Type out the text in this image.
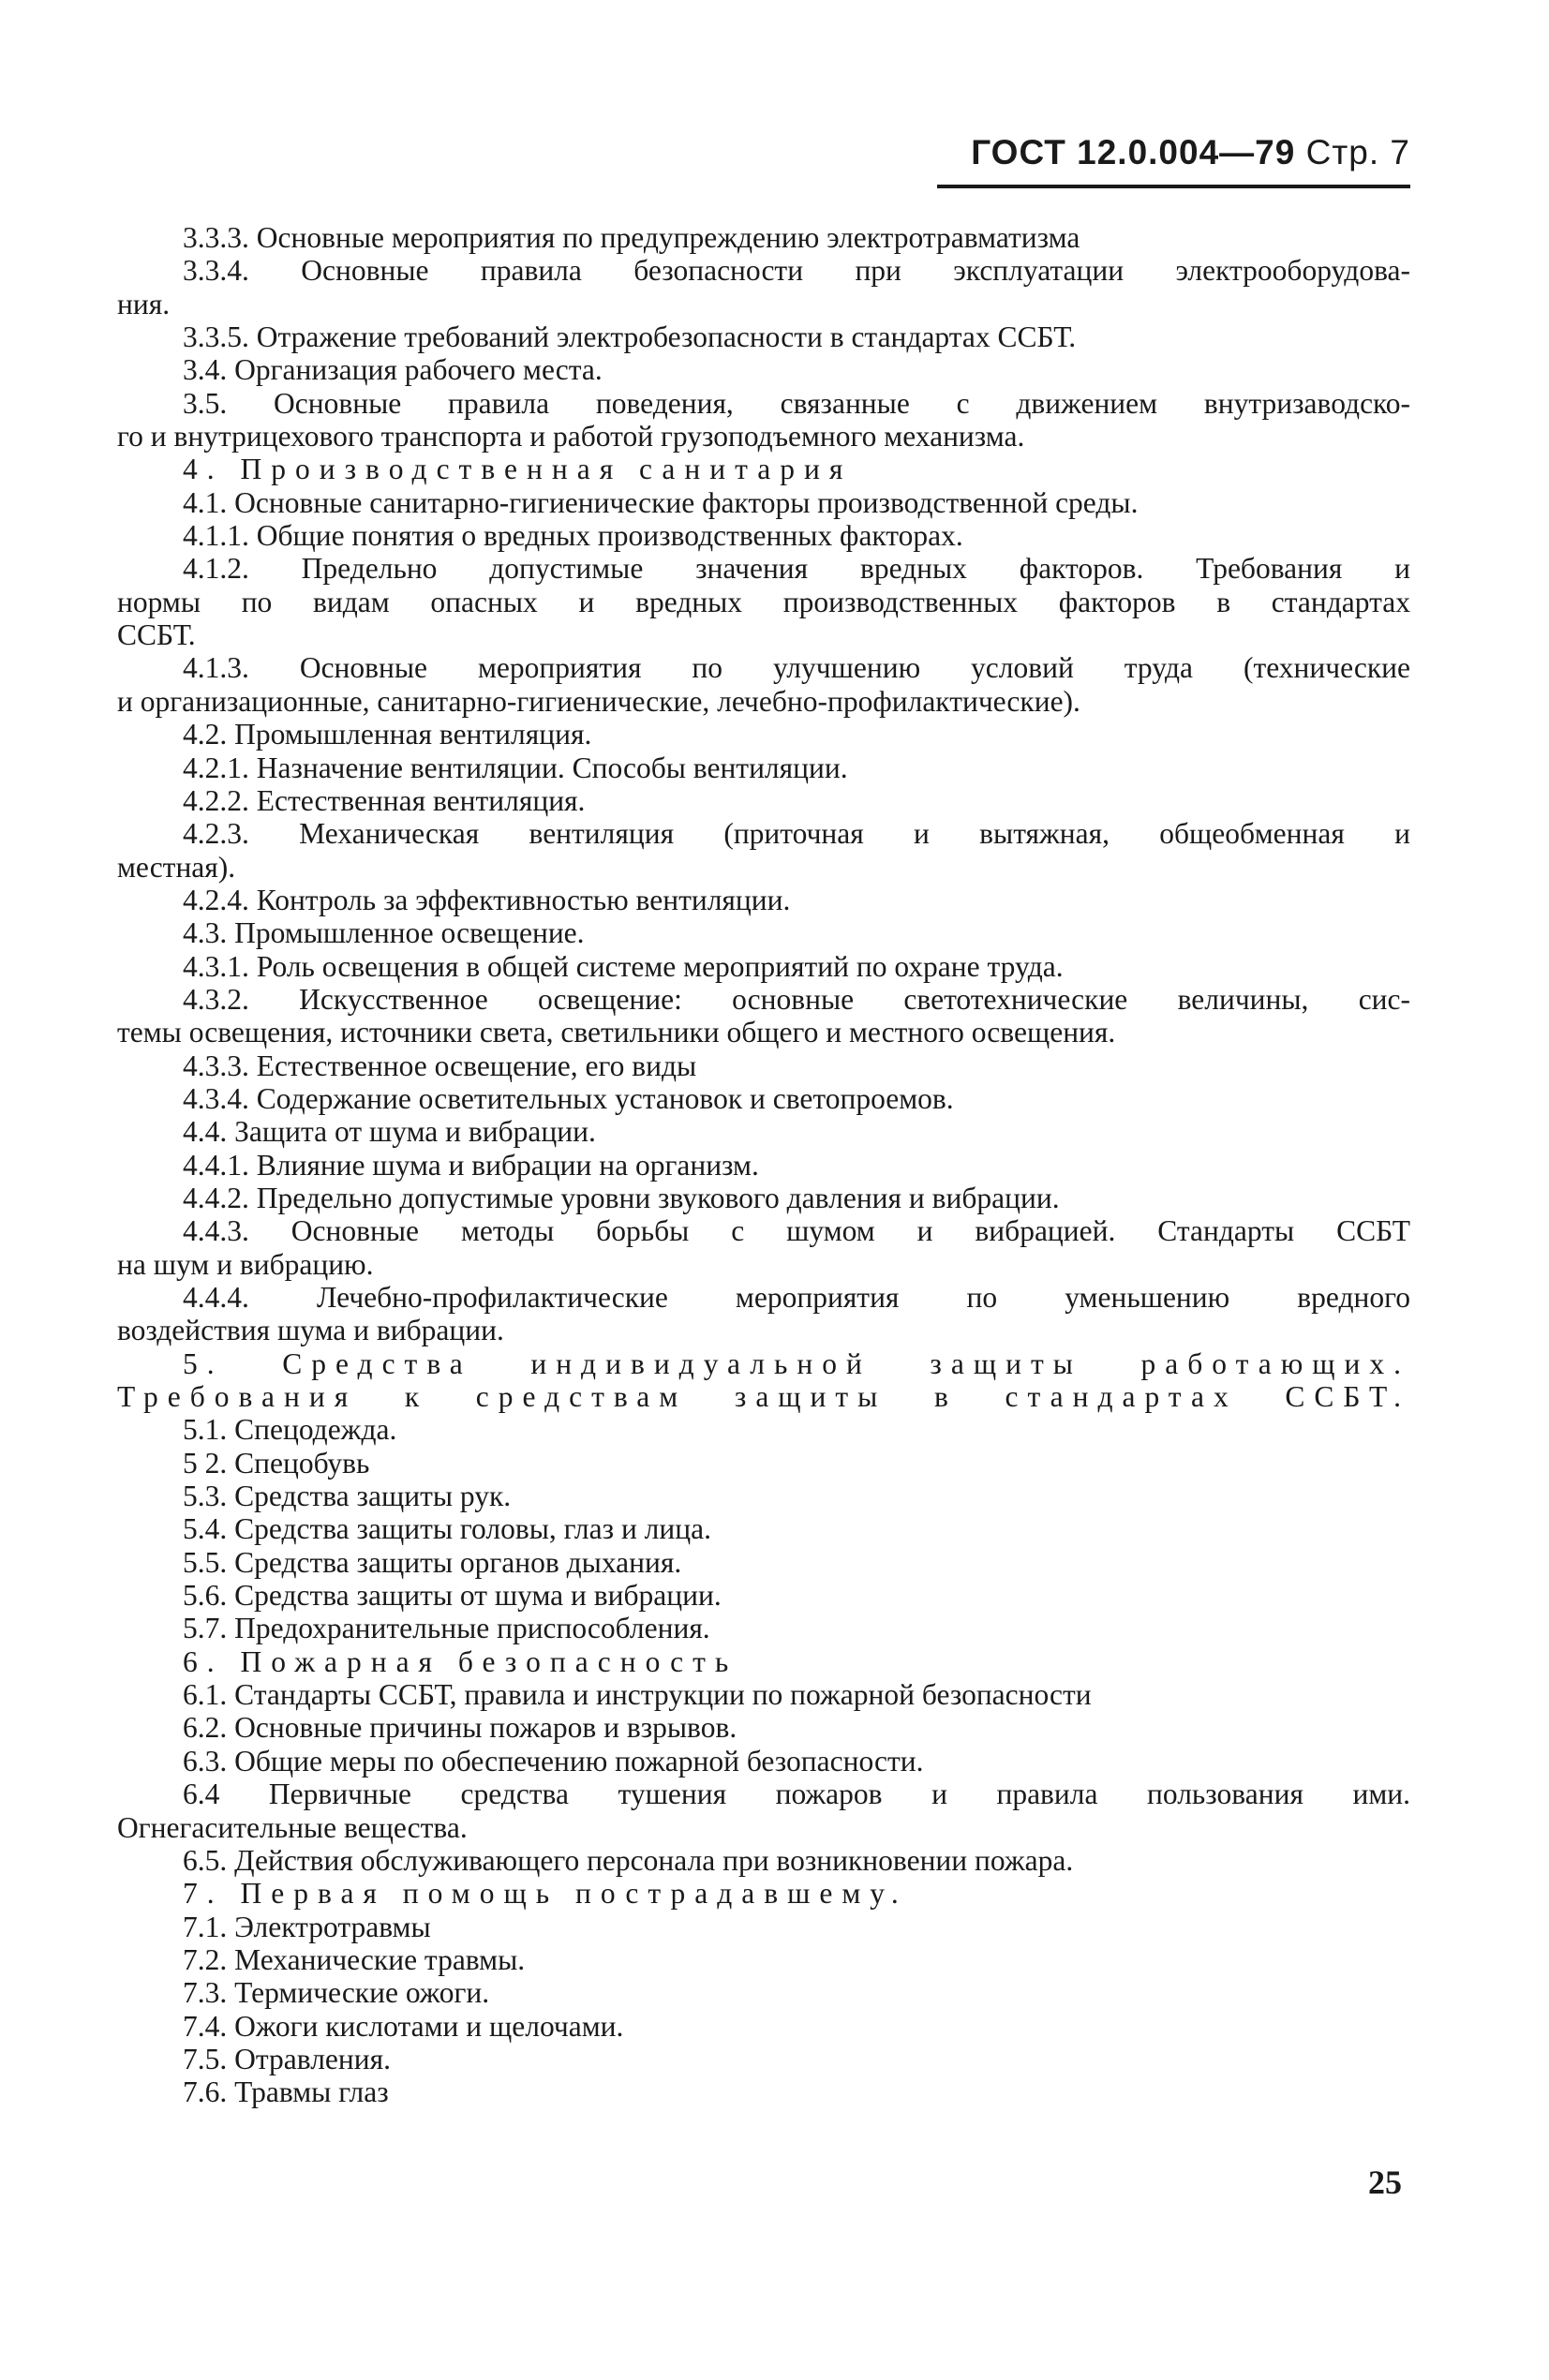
ГОСТ 12.0.004—79 Стр. 7
3.3.3. Основные мероприятия по предупреждению электротравматизма
3.3.4. Основные правила безопасности при эксплуатации электрооборудова-
ния.
3.3.5. Отражение требований электробезопасности в стандартах ССБТ.
3.4. Организация рабочего места.
3.5. Основные правила поведения, связанные с движением внутризаводско-
го и внутрицехового транспорта и работой грузоподъемного механизма.
4. Производственная санитария
4.1. Основные санитарно-гигиенические факторы производственной среды.
4.1.1. Общие понятия о вредных производственных факторах.
4.1.2. Предельно допустимые значения вредных факторов. Требования и
нормы по видам опасных и вредных производственных факторов в стандартах
ССБТ.
4.1.3. Основные мероприятия по улучшению условий труда (технические
и организационные, санитарно-гигиенические, лечебно-профилактические).
4.2. Промышленная вентиляция.
4.2.1. Назначение вентиляции. Способы вентиляции.
4.2.2. Естественная вентиляция.
4.2.3. Механическая вентиляция (приточная и вытяжная, общеобменная и
местная).
4.2.4. Контроль за эффективностью вентиляции.
4.3. Промышленное освещение.
4.3.1. Роль освещения в общей системе мероприятий по охране труда.
4.3.2. Искусственное освещение: основные светотехнические величины, сис-
темы освещения, источники света, светильники общего и местного освещения.
4.3.3. Естественное освещение, его виды
4.3.4. Содержание осветительных установок и светопроемов.
4.4. Защита от шума и вибрации.
4.4.1. Влияние шума и вибрации на организм.
4.4.2. Предельно допустимые уровни звукового давления и вибрации.
4.4.3. Основные методы борьбы с шумом и вибрацией. Стандарты ССБТ
на шум и вибрацию.
4.4.4. Лечебно-профилактические мероприятия по уменьшению вредного
воздействия шума и вибрации.
5. Средства индивидуальной защиты работающих.
Требования к средствам защиты в стандартах ССБТ.
5.1. Спецодежда.
5 2. Спецобувь
5.3. Средства защиты рук.
5.4. Средства защиты головы, глаз и лица.
5.5. Средства защиты органов дыхания.
5.6. Средства защиты от шума и вибрации.
5.7. Предохранительные приспособления.
6. Пожарная безопасность
6.1. Стандарты ССБТ, правила и инструкции по пожарной безопасности
6.2. Основные причины пожаров и взрывов.
6.3. Общие меры по обеспечению пожарной безопасности.
6.4 Первичные средства тушения пожаров и правила пользования ими.
Огнегасительные вещества.
6.5. Действия обслуживающего персонала при возникновении пожара.
7. Первая помощь пострадавшему.
7.1. Электротравмы
7.2. Механические травмы.
7.3. Термические ожоги.
7.4. Ожоги кислотами и щелочами.
7.5. Отравления.
7.6. Травмы глаз
25
